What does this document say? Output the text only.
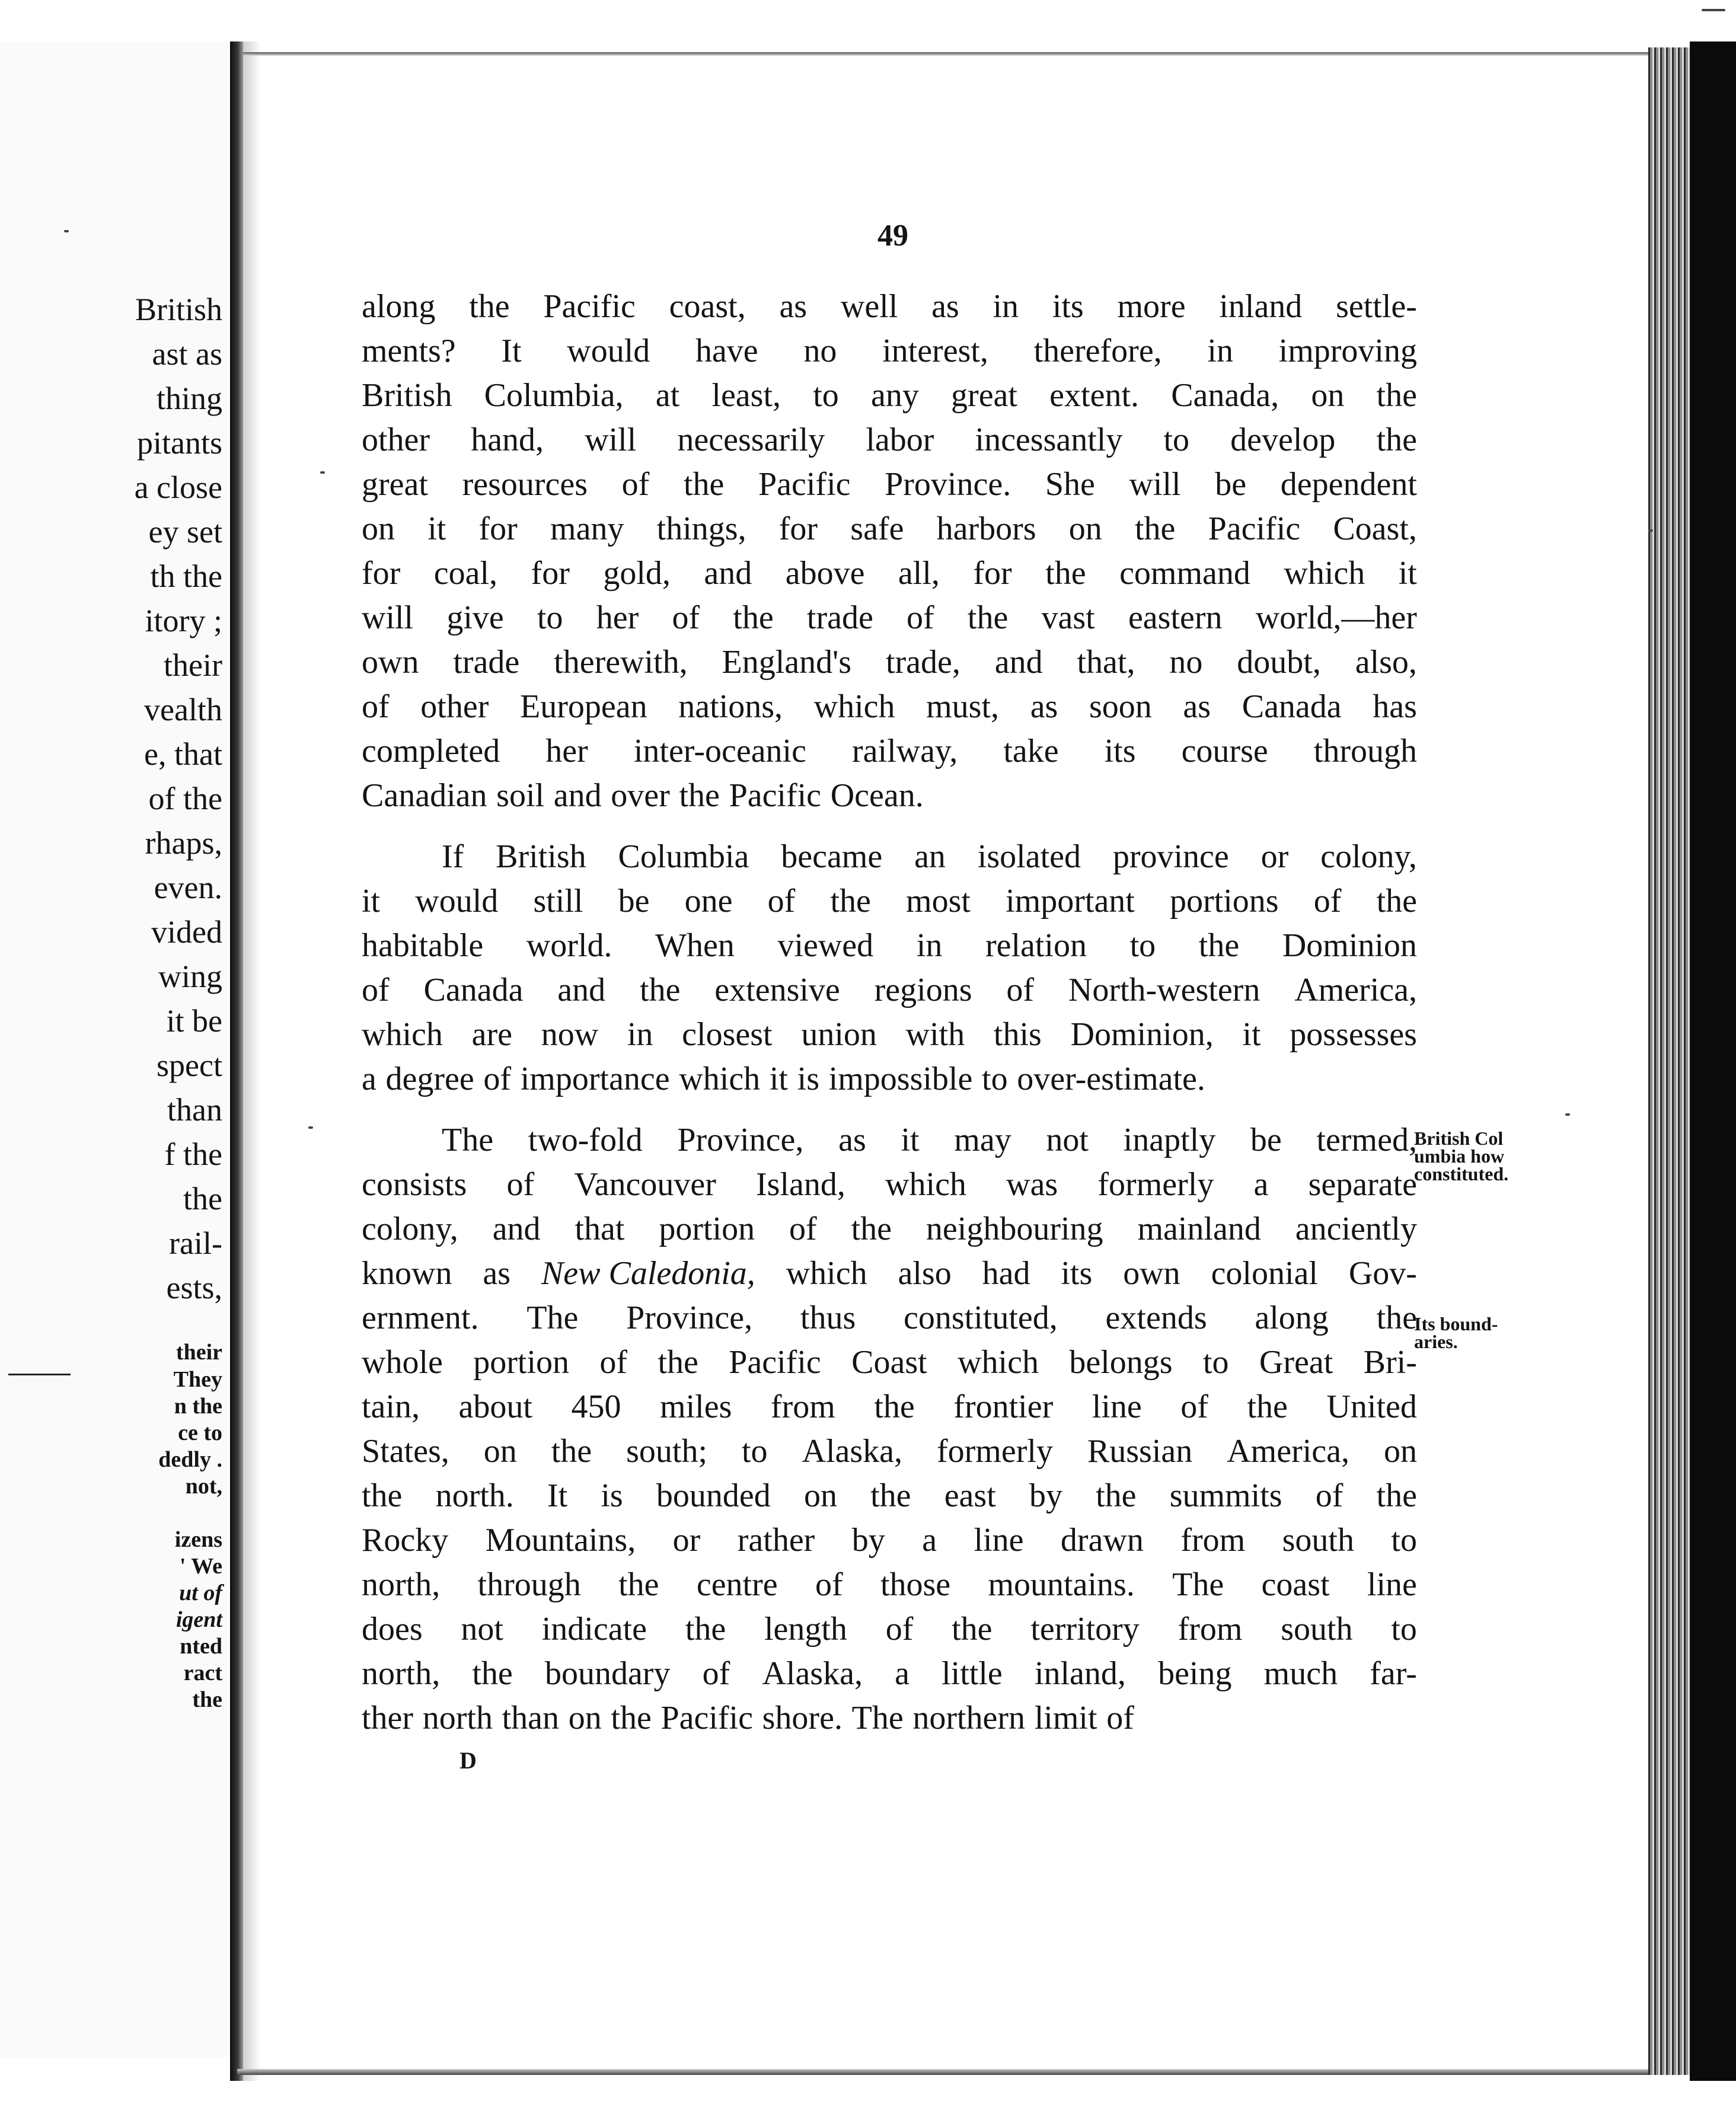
British
ast as
thing
pitants
a close
ey set
th the
itory ;
their
vealth
e, that
of the
rhaps,
even.
vided
wing
it be
spect
than
f the
the
rail-
ests,
their
They
n the
ce to
dedly .
not,
izens
' We
ut of
igent
nted
ract
the
49
along the Pacific coast, as well as in its more inland settle-
ments? It would have no interest, therefore, in improving
British Columbia, at least, to any great extent. Canada, on the
other hand, will necessarily labor incessantly to develop the
great resources of the Pacific Province. She will be dependent
on it for many things, for safe harbors on the Pacific Coast,
for coal, for gold, and above all, for the command which it
will give to her of the trade of the vast eastern world,—her
own trade therewith, England's trade, and that, no doubt, also,
of other European nations, which must, as soon as Canada has
completed her inter-oceanic railway, take its course through
Canadian soil and over the Pacific Ocean.
If British Columbia became an isolated province or colony,
it would still be one of the most important portions of the
habitable world. When viewed in relation to the Dominion
of Canada and the extensive regions of North-western America,
which are now in closest union with this Dominion, it possesses
a degree of importance which it is impossible to over-estimate.
The two-fold Province, as it may not inaptly be termed,
consists of Vancouver Island, which was formerly a separate
colony, and that portion of the neighbouring mainland anciently
known as New Caledonia, which also had its own colonial Gov-
ernment. The Province, thus constituted, extends along the
whole portion of the Pacific Coast which belongs to Great Bri-
tain, about 450 miles from the frontier line of the United
States, on the south; to Alaska, formerly Russian America, on
the north. It is bounded on the east by the summits of the
Rocky Mountains, or rather by a line drawn from south to
north, through the centre of those mountains. The coast line
does not indicate the length of the territory from south to
north, the boundary of Alaska, a little inland, being much far-
ther north than on the Pacific shore. The northern limit of
British Col
umbia how
constituted.
Its bound-
aries.
D
